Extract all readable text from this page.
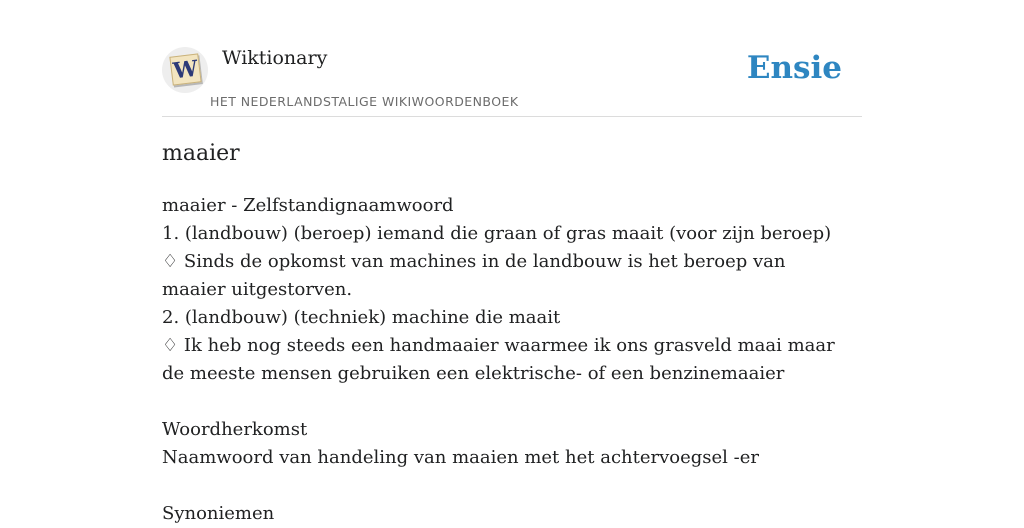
W Wiktionary
HET NEDERLANDSTALIGE WIKIWOORDENBOEK
Ensie
maaier

maaier - Zelfstandignaamwoord

1. (landbouw) (beroep) iemand die graan of gras maait (voor zijn beroep)

♢ Sinds de opkomst van machines in de landbouw is het beroep van maaier uitgestorven.

2. (landbouw) (techniek) machine die maait

♢ Ik heb nog steeds een handmaaier waarmee ik ons grasveld maai maar de meeste mensen gebruiken een elektrische- of een benzinemaaier

Woordherkomst

Naamwoord van handeling van maaien met het achtervoegsel -er

Synoniemen
